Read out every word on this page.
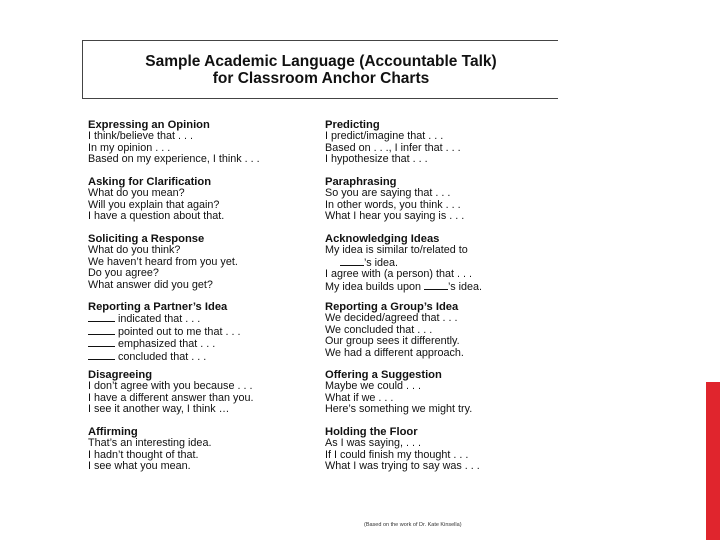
Sample Academic Language (Accountable Talk)
for Classroom Anchor Charts
Expressing an Opinion
I think/believe that . . .
In my opinion . . .
Based on my experience, I think . . .
Asking for Clarification
What do you mean?
Will you explain that again?
I have a question about that.
Soliciting a Response
What do you think?
We haven’t heard from you yet.
Do you agree?
What answer did you get?
Reporting a Partner’s Idea
indicated that . . .
pointed out to me that . . .
emphasized that . . .
concluded that . . .
Disagreeing
I don’t agree with you because . . .
I have a different answer than you.
I see it another way, I think …
Affirming
That’s an interesting idea.
I hadn’t thought of that.
I see what you mean.
Predicting
I predict/imagine that . . .
Based on . . ., I infer that . . .
I hypothesize that . . .
Paraphrasing
So you are saying that . . .
In other words, you think . . .
What I hear you saying is . . .
Acknowledging Ideas
My idea is similar to/related to
’s idea.
I agree with (a person) that . . .
My idea builds upon	’s idea.
Reporting a Group’s Idea
We decided/agreed that . . .
We concluded that . . .
Our group sees it differently.
We had a different approach.
Offering a Suggestion
Maybe we could . . .
What if we . . .
Here’s something we might try.
Holding the Floor
As I was saying, . . .
If I could finish my thought . . .
What I was trying to say was . . .
(Based on the work of Dr. Kate Kinsella)
